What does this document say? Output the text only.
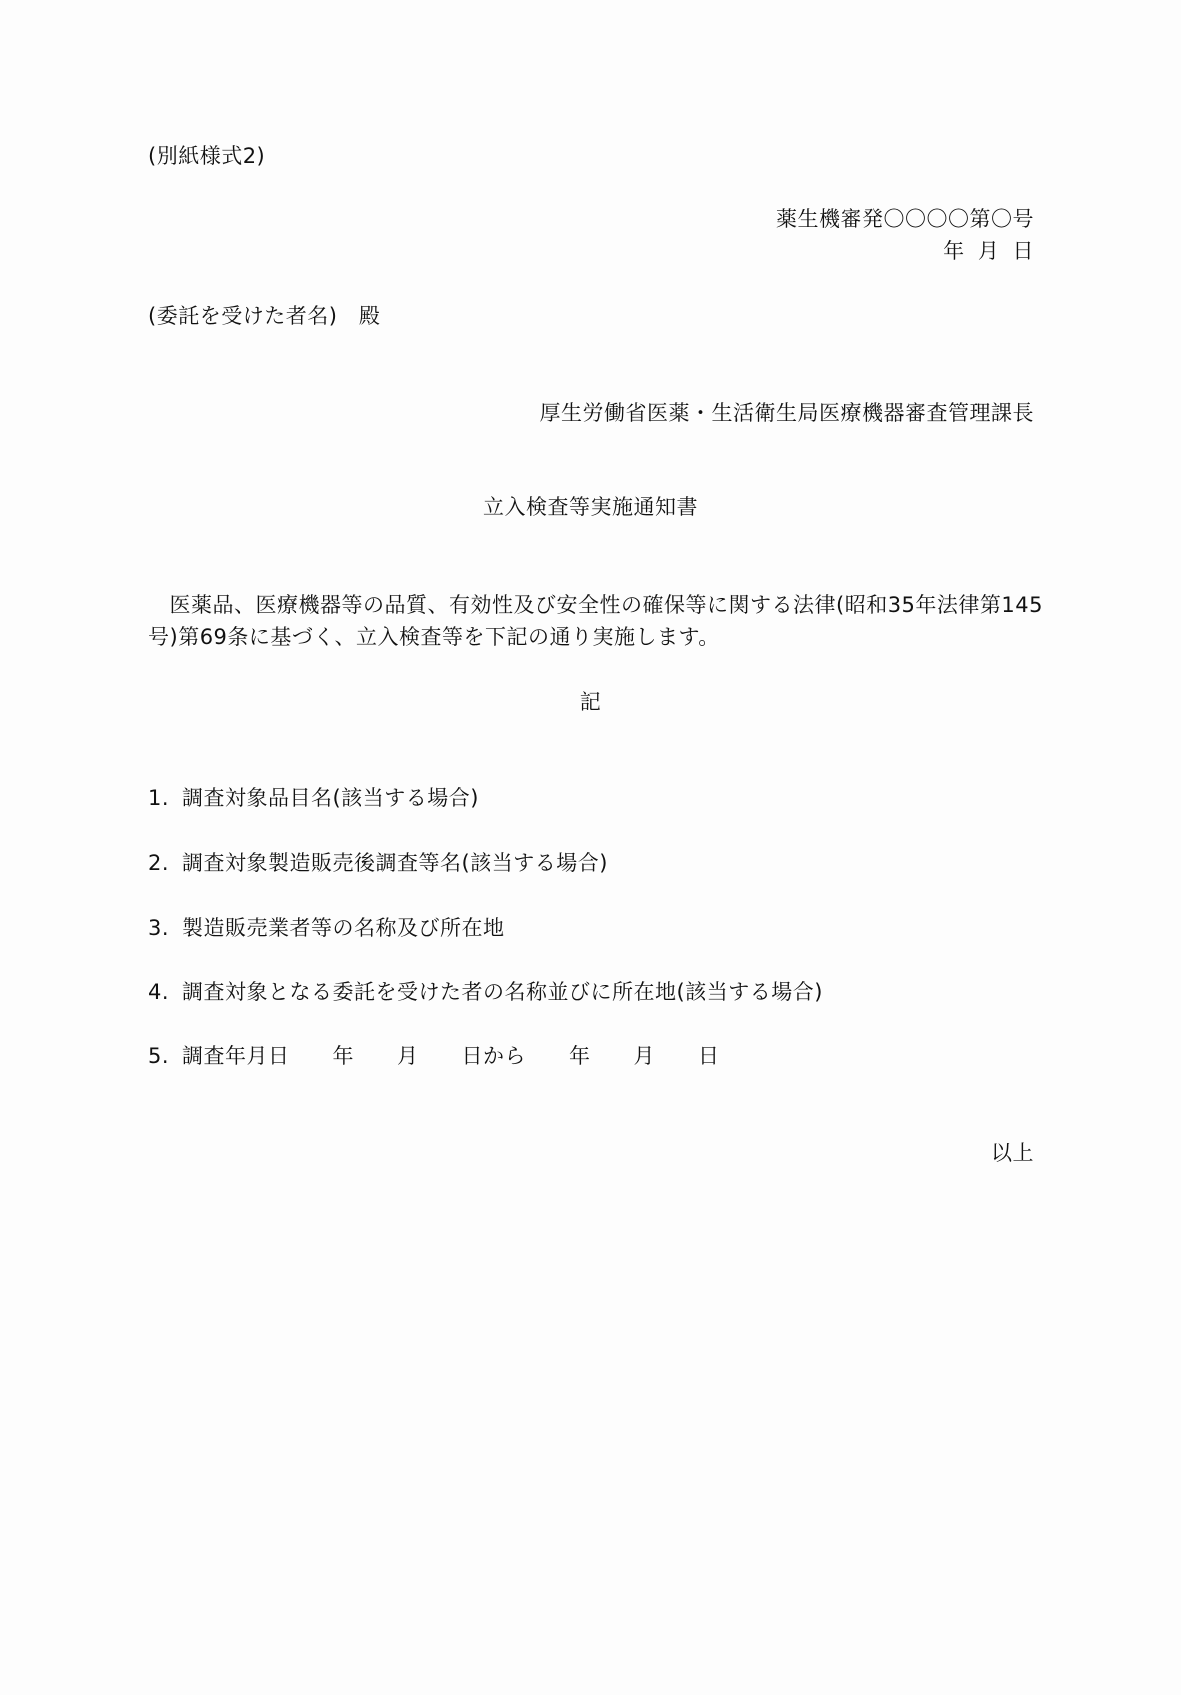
(別紙様式2)
薬生機審発〇〇〇〇第〇号
年 月 日
(委託を受けた者名)　殿
厚生労働省医薬・生活衛生局医療機器審査管理課長
立入検査等実施通知書
　医薬品、医療機器等の品質、有効性及び安全性の確保等に関する法律(昭和35年法律第145
号)第69条に基づく、立入検査等を下記の通り実施します。
記
1. 調査対象品目名(該当する場合)
2. 調査対象製造販売後調査等名(該当する場合)
3. 製造販売業者等の名称及び所在地
4. 調査対象となる委託を受けた者の名称並びに所在地(該当する場合)
5. 調査年月日　　年　　月　　日から　　年　　月　　日
以上
